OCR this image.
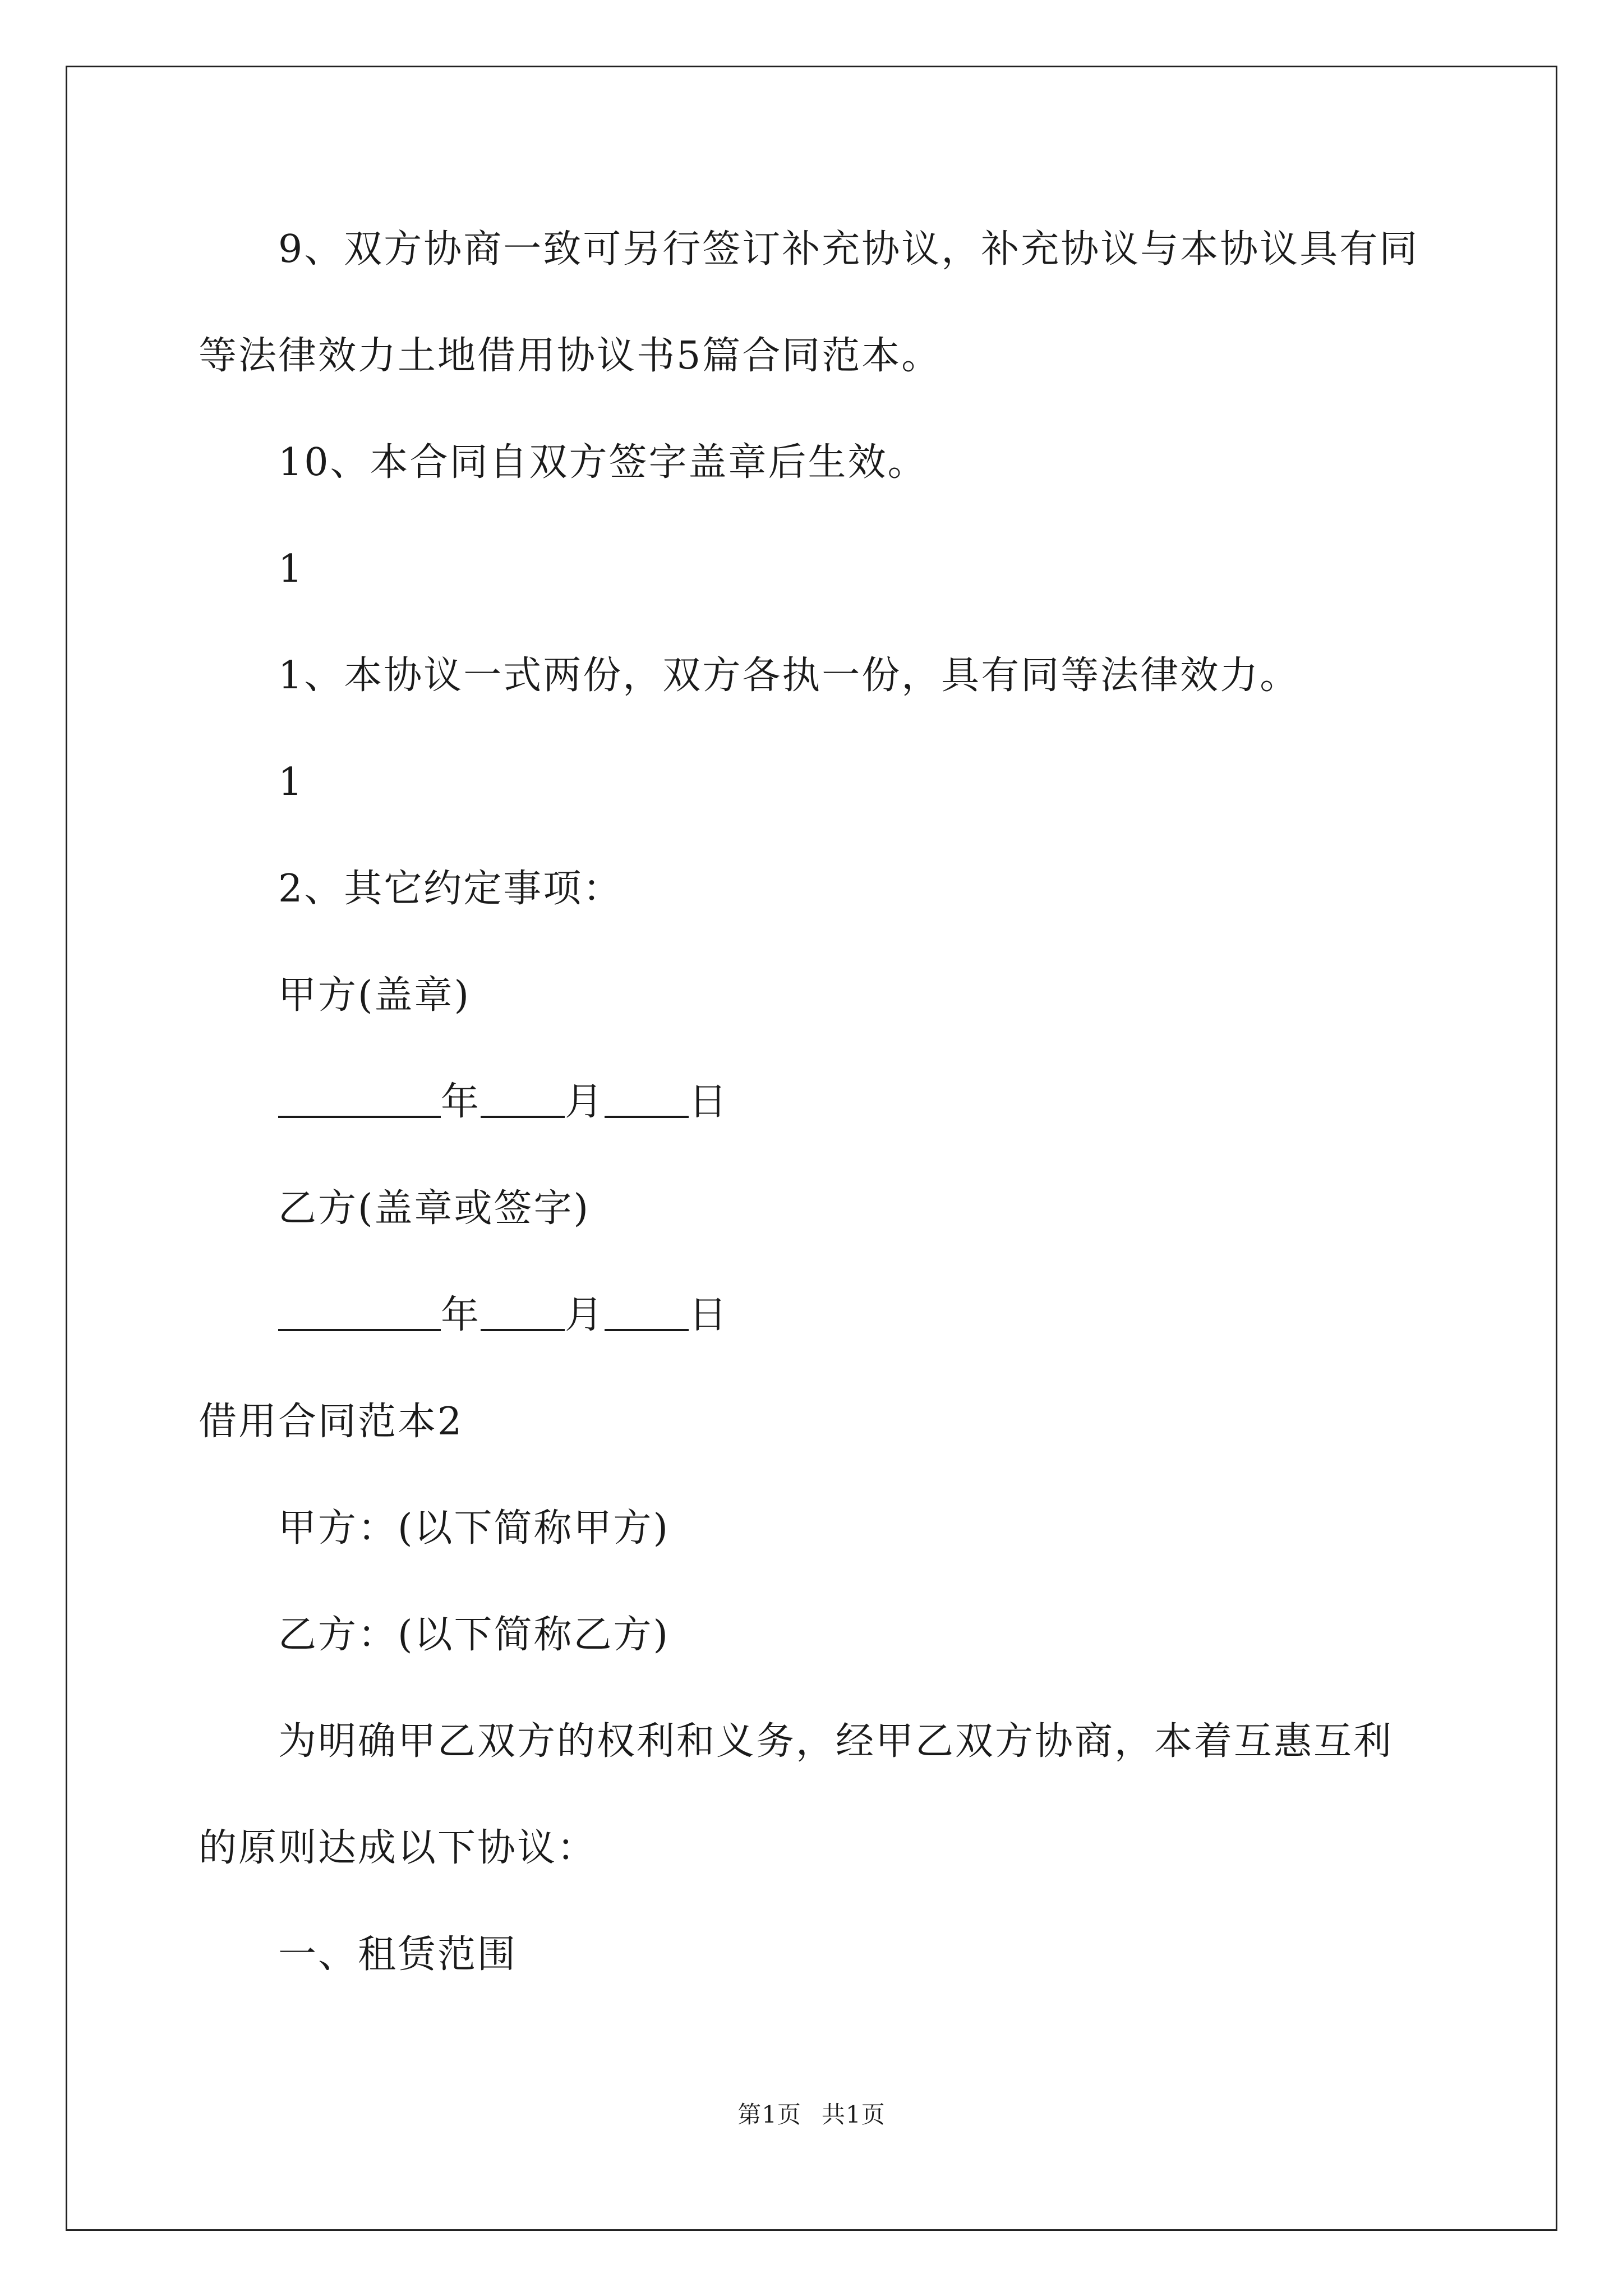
9、双方协商一致可另行签订补充协议，补充协议与本协议具有同
等法律效力土地借用协议书5篇合同范本。
10、本合同自双方签字盖章后生效。
1
1、本协议一式两份，双方各执一份，具有同等法律效力。
1
2、其它约定事项：
甲方(盖章)
年 月 日
乙方(盖章或签字)
年 月 日
借用合同范本2
甲方：(以下简称甲方)
乙方：(以下简称乙方)
为明确甲乙双方的权利和义务，经甲乙双方协商，本着互惠互利
的原则达成以下协议：
一、租赁范围
第1页 共1页
